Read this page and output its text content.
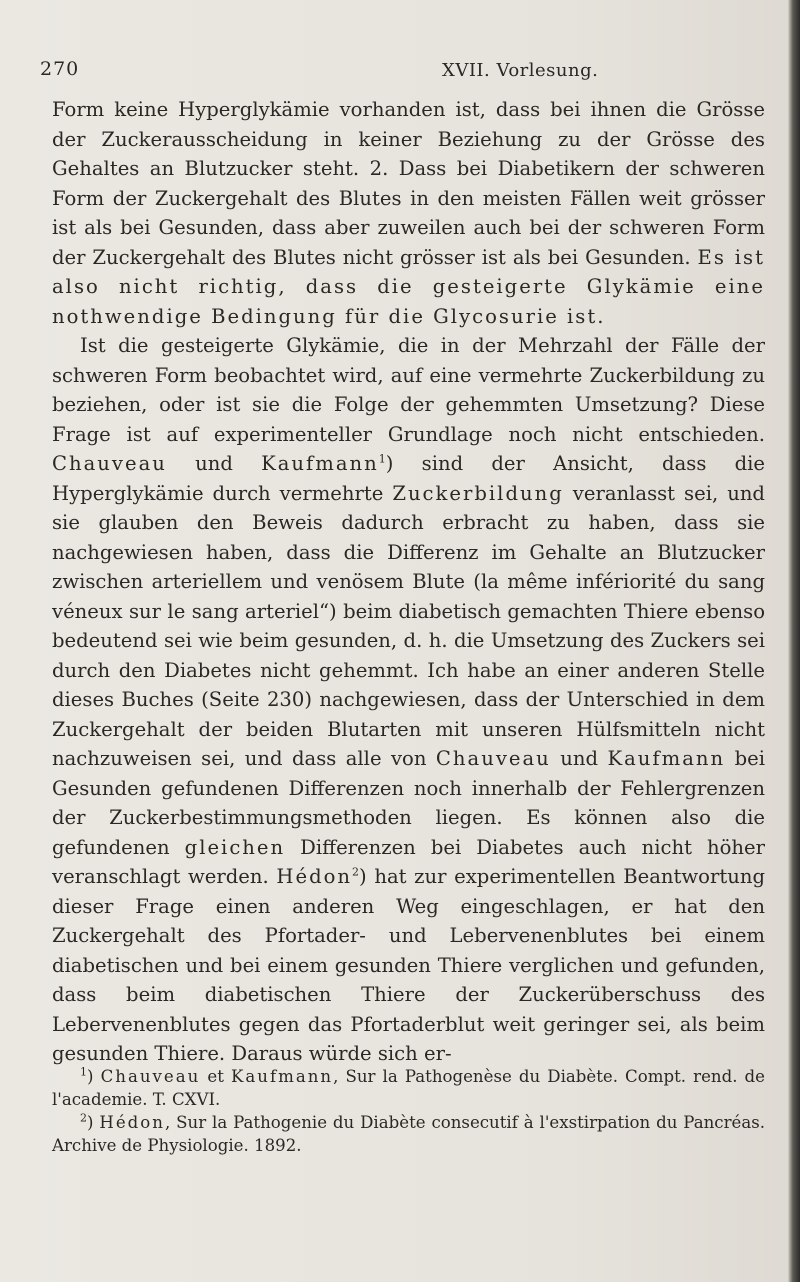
270	XVII. Vorlesung.

Form keine Hyperglykämie vorhanden ist, dass bei ihnen die Grösse der Zuckerausscheidung in keiner Beziehung zu der Grösse des Gehaltes an Blutzucker steht. 2. Dass bei Diabetikern der schweren Form der Zuckergehalt des Blutes in den meisten Fällen weit grösser ist als bei Gesunden, dass aber zuweilen auch bei der schweren Form der Zuckergehalt des Blutes nicht grösser ist als bei Gesunden. Es ist also nicht richtig, dass die gesteigerte Glykämie eine nothwendige Bedingung für die Glycosurie ist.

Ist die gesteigerte Glykämie, die in der Mehrzahl der Fälle der schweren Form beobachtet wird, auf eine vermehrte Zuckerbildung zu beziehen, oder ist sie die Folge der gehemmten Umsetzung? Diese Frage ist auf experimenteller Grundlage noch nicht entschieden. Chauveau und Kaufmann$^1$) sind der Ansicht, dass die Hyperglykämie durch vermehrte Zuckerbildung veranlasst sei, und sie glauben den Beweis dadurch erbracht zu haben, dass sie nachgewiesen haben, dass die Differenz im Gehalte an Blutzucker zwischen arteriellem und venösem Blute (la même infériorité du sang véneux sur le sang arteriel“) beim diabetisch gemachten Thiere ebenso bedeutend sei wie beim gesunden, d. h. die Umsetzung des Zuckers sei durch den Diabetes nicht gehemmt. Ich habe an einer anderen Stelle dieses Buches (Seite 230) nachgewiesen, dass der Unterschied in dem Zuckergehalt der beiden Blutarten mit unseren Hülfsmitteln nicht nachzuweisen sei, und dass alle von Chauveau und Kaufmann bei Gesunden gefundenen Differenzen noch innerhalb der Fehlergrenzen der Zuckerbestimmungsmethoden liegen. Es können also die gefundenen gleichen Differenzen bei Diabetes auch nicht höher veranschlagt werden. Hédon$^2$) hat zur experimentellen Beantwortung dieser Frage einen anderen Weg eingeschlagen, er hat den Zuckergehalt des Pfortader- und Lebervenenblutes bei einem diabetischen und bei einem gesunden Thiere verglichen und gefunden, dass beim diabetischen Thiere der Zuckerüberschuss des Lebervenenblutes gegen das Pfortaderblut weit geringer sei, als beim gesunden Thiere. Daraus würde sich er-

$^1$) Chauveau et Kaufmann, Sur la Pathogenèse du Diabète. Compt. rend. de l'academie. T. CXVI.

$^2$) Hédon, Sur la Pathogenie du Diabète consecutif à l'exstirpation du Pancréas. Archive de Physiologie. 1892.
